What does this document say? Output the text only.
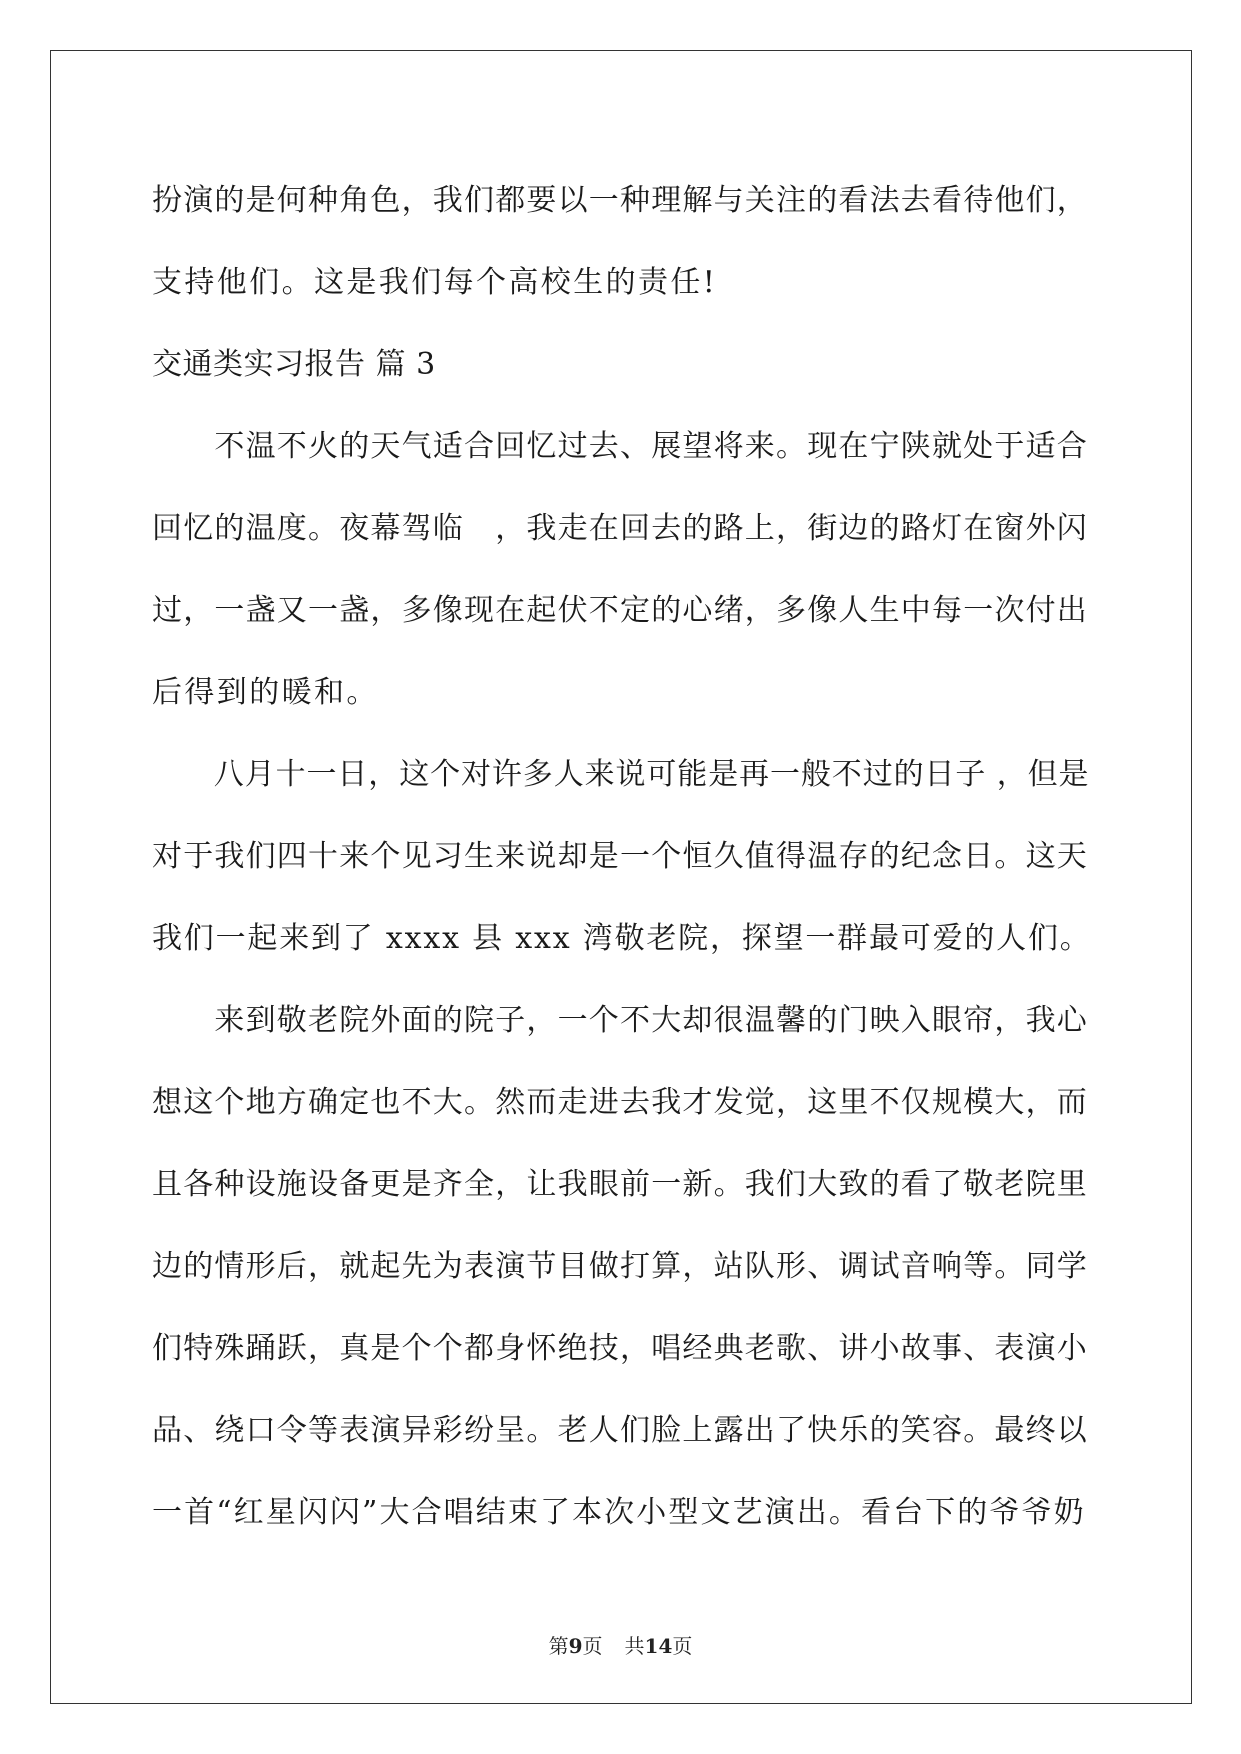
扮演的是何种角色，我们都要以一种理解与关注的看法去看待他们，
支持他们。这是我们每个高校生的责任!
交通类实习报告 篇 3
　　不温不火的天气适合回忆过去、展望将来。现在宁陕就处于适合
回忆的温度。夜幕驾临　，我走在回去的路上，街边的路灯在窗外闪
过，一盏又一盏，多像现在起伏不定的心绪，多像人生中每一次付出
后得到的暖和。
　　八月十一日，这个对许多人来说可能是再一般不过的日子 ，但是
对于我们四十来个见习生来说却是一个恒久值得温存的纪念日。这天
我们一起来到了 xxxx 县 xxx 湾敬老院，探望一群最可爱的人们。
　　来到敬老院外面的院子，一个不大却很温馨的门映入眼帘，我心
想这个地方确定也不大。然而走进去我才发觉，这里不仅规模大，而
且各种设施设备更是齐全，让我眼前一新。我们大致的看了敬老院里
边的情形后，就起先为表演节目做打算，站队形、调试音响等。同学
们特殊踊跃，真是个个都身怀绝技，唱经典老歌、讲小故事、表演小
品、绕口令等表演异彩纷呈。老人们脸上露出了快乐的笑容。最终以
一首“红星闪闪”大合唱结束了本次小型文艺演出。看台下的爷爷奶
第9页 共14页
